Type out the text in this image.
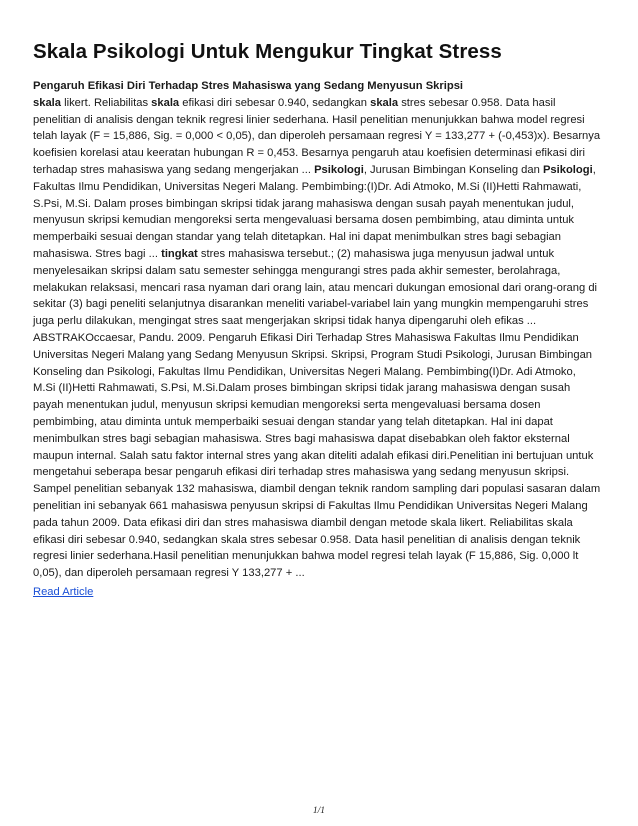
Skala Psikologi Untuk Mengukur Tingkat Stress

Pengaruh Efikasi Diri Terhadap Stres Mahasiswa yang Sedang Menyusun Skripsi

skala likert. Reliabilitas skala efikasi diri sebesar 0.940, sedangkan skala stres sebesar 0.958. Data hasil penelitian di analisis dengan teknik regresi linier sederhana. Hasil penelitian menunjukkan bahwa model regresi telah layak (F = 15,886, Sig. = 0,000 < 0,05), dan diperoleh persamaan regresi Y = 133,277 + (-0,453)x). Besarnya koefisien korelasi atau keeratan hubungan R = 0,453. Besarnya pengaruh atau koefisien determinasi efikasi diri terhadap stres mahasiswa yang sedang mengerjakan ... Psikologi, Jurusan Bimbingan Konseling dan Psikologi, Fakultas Ilmu Pendidikan, Universitas Negeri Malang. Pembimbing:(I)Dr. Adi Atmoko, M.Si (II)Hetti Rahmawati, S.Psi, M.Si. Dalam proses bimbingan skripsi tidak jarang mahasiswa dengan susah payah menentukan judul, menyusun skripsi kemudian mengoreksi serta mengevaluasi bersama dosen pembimbing, atau diminta untuk memperbaiki sesuai dengan standar yang telah ditetapkan. Hal ini dapat menimbulkan stres bagi sebagian mahasiswa. Stres bagi ... tingkat stres mahasiswa tersebut.; (2) mahasiswa juga menyusun jadwal untuk menyelesaikan skripsi dalam satu semester sehingga mengurangi stres pada akhir semester, berolahraga, melakukan relaksasi, mencari rasa nyaman dari orang lain, atau mencari dukungan emosional dari orang-orang di sekitar (3) bagi peneliti selanjutnya disarankan meneliti variabel-variabel lain yang mungkin mempengaruhi stres juga perlu dilakukan, mengingat stres saat mengerjakan skripsi tidak hanya dipengaruhi oleh efikas ...

ABSTRAKOccaesar, Pandu. 2009. Pengaruh Efikasi Diri Terhadap Stres Mahasiswa Fakultas Ilmu Pendidikan Universitas Negeri Malang yang Sedang Menyusun Skripsi. Skripsi, Program Studi Psikologi, Jurusan Bimbingan Konseling dan Psikologi, Fakultas Ilmu Pendidikan, Universitas Negeri Malang. Pembimbing(I)Dr. Adi Atmoko, M.Si (II)Hetti Rahmawati, S.Psi, M.Si.Dalam proses bimbingan skripsi tidak jarang mahasiswa dengan susah payah menentukan judul, menyusun skripsi kemudian mengoreksi serta mengevaluasi bersama dosen pembimbing, atau diminta untuk memperbaiki sesuai dengan standar yang telah ditetapkan. Hal ini dapat menimbulkan stres bagi sebagian mahasiswa. Stres bagi mahasiswa dapat disebabkan oleh faktor eksternal maupun internal. Salah satu faktor internal stres yang akan diteliti adalah efikasi diri.Penelitian ini bertujuan untuk mengetahui seberapa besar pengaruh efikasi diri terhadap stres mahasiswa yang sedang menyusun skripsi. Sampel penelitian sebanyak 132 mahasiswa, diambil dengan teknik random sampling dari populasi sasaran dalam penelitian ini sebanyak 661 mahasiswa penyusun skripsi di Fakultas Ilmu Pendidikan Universitas Negeri Malang pada tahun 2009. Data efikasi diri dan stres mahasiswa diambil dengan metode skala likert. Reliabilitas skala efikasi diri sebesar 0.940, sedangkan skala stres sebesar 0.958. Data hasil penelitian di analisis dengan teknik regresi linier sederhana.Hasil penelitian menunjukkan bahwa model regresi telah layak (F 15,886, Sig. 0,000 lt 0,05), dan diperoleh persamaan regresi Y 133,277 + ...

Read Article
1/1
